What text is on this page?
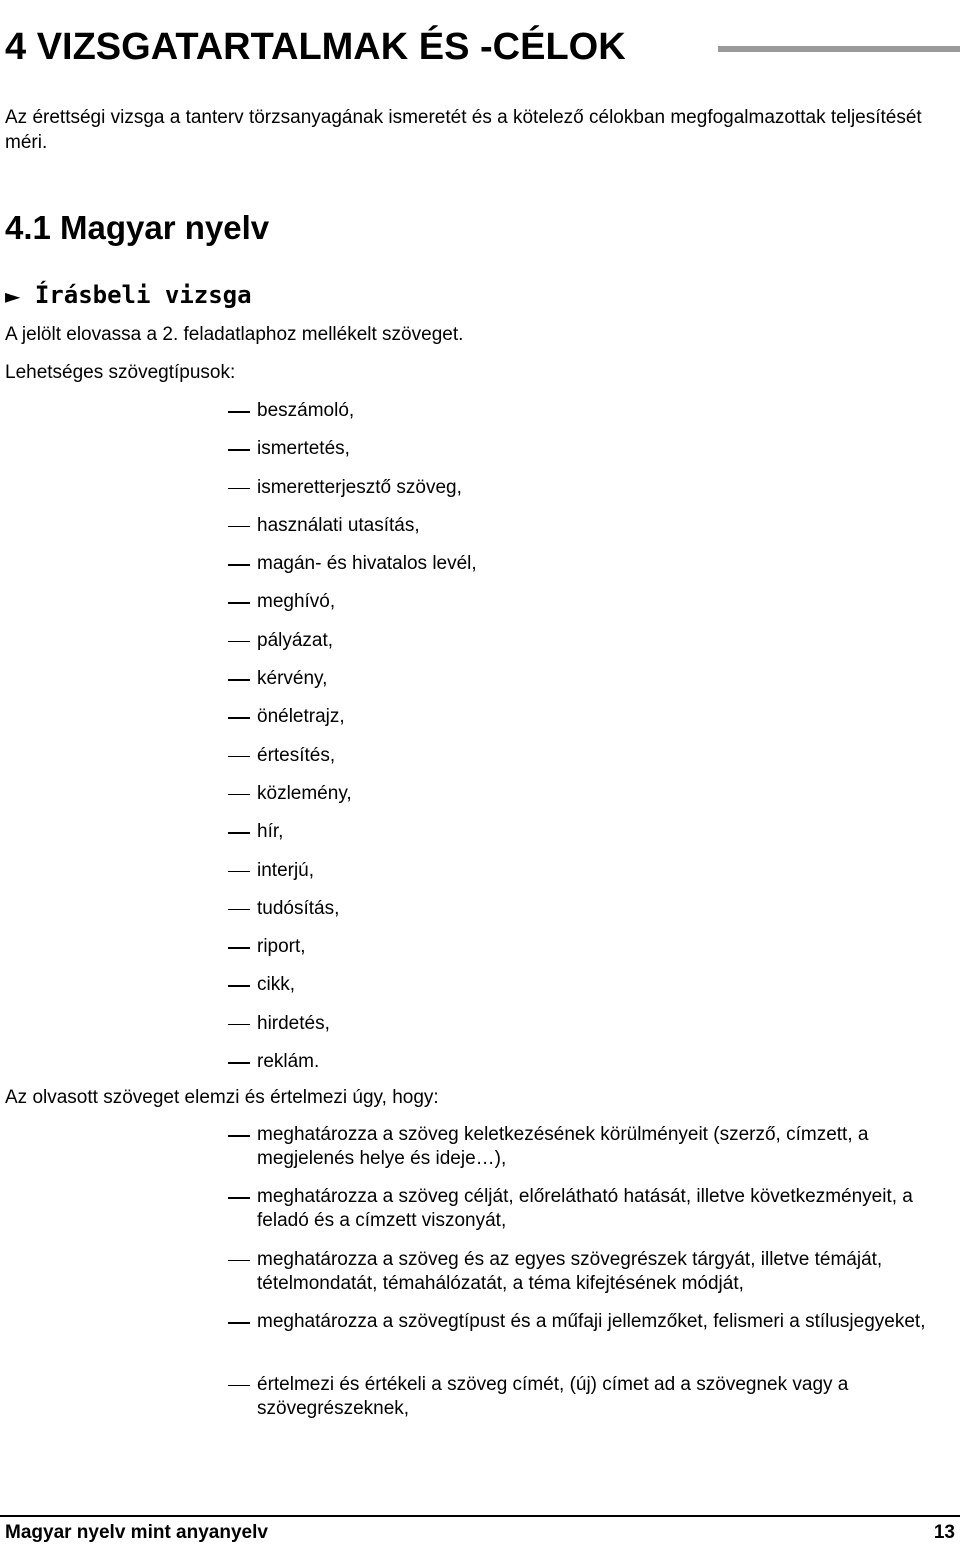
4 VIZSGATARTALMAK ÉS -CÉLOK

Az érettségi vizsga a tanterv törzsanyagának ismeretét és a kötelező célokban megfogalmazottak teljesítését méri.

4.1 Magyar nyelv
► Írásbeli vizsga

A jelölt elovassa a 2. feladatlaphoz mellékelt szöveget.

Lehetséges szövegtípusok:

beszámoló,
ismertetés,
ismeretterjesztő szöveg,
használati utasítás,
magán- és hivatalos levél,
meghívó,
pályázat,
kérvény,
önéletrajz,
értesítés,
közlemény,
hír,
interjú,
tudósítás,
riport,
cikk,
hirdetés,
reklám.

Az olvasott szöveget elemzi és értelmezi úgy, hogy:

meghatározza a szöveg keletkezésének körülményeit (szerző, címzett, a megjelenés helye és ideje…),
meghatározza a szöveg célját, előrelátható hatását, illetve következményeit, a feladó és a címzett viszonyát,
meghatározza a szöveg és az egyes szövegrészek tárgyát, illetve témáját, tételmondatát, témahálózatát, a téma kifejtésének módját,
meghatározza a szövegtípust és a műfaji jellemzőket, felismeri a stílusjegyeket,
értelmezi és értékeli a szöveg címét, (új) címet ad a szövegnek vagy a szövegrészeknek,
Magyar nyelv mint anyanyelv	13
